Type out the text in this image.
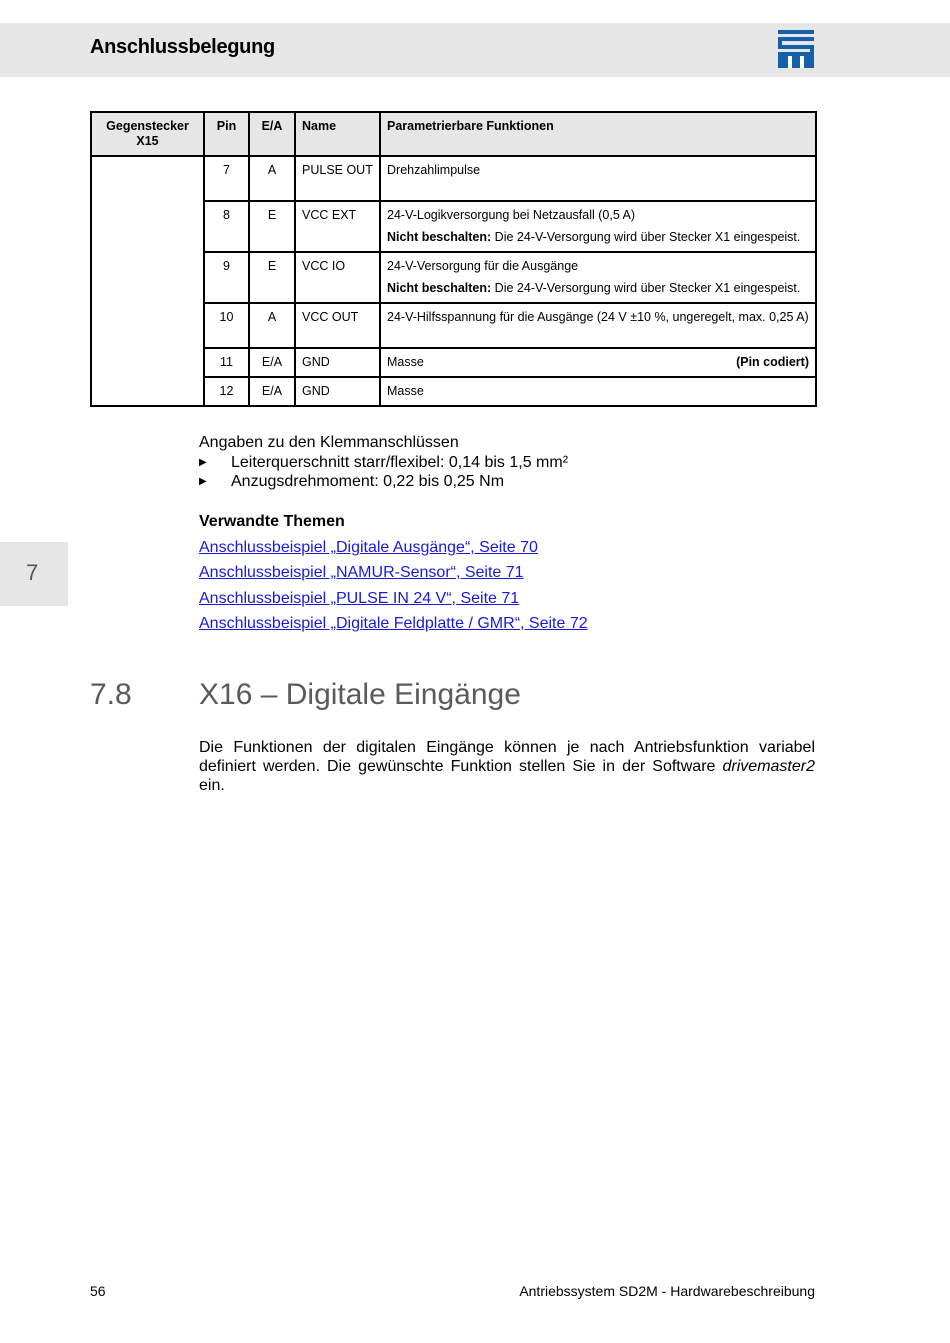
Anschlussbelegung
Gegenstecker X15	Pin	E/A	Name	Parametrierbare Funktionen
	7	A	PULSE OUT	Drehzahlimpulse
	8	E	VCC EXT	24-V-Logikversorgung bei Netzausfall (0,5 A)
Nicht beschalten: Die 24-V-Versorgung wird über Stecker X1 eingespeist.

	9	E	VCC IO	24-V-Versorgung für die Ausgänge
Nicht beschalten: Die 24-V-Versorgung wird über Stecker X1 eingespeist.

	10	A	VCC OUT	24-V-Hilfsspannung für die Ausgänge (24 V ±10 %, ungeregelt, max. 0,25 A)
	11	E/A	GND	Masse (Pin codiert)

	12	E/A	GND	Masse
Angaben zu den Klemmanschlüssen
▶ Leiterquerschnitt starr/flexibel: 0,14 bis 1,5 mm²
▶ Anzugsdrehmoment: 0,22 bis 0,25 Nm
Verwandte Themen
Anschlussbeispiel „Digitale Ausgänge“, Seite 70
Anschlussbeispiel „NAMUR-Sensor“, Seite 71
Anschlussbeispiel „PULSE IN 24 V“, Seite 71
Anschlussbeispiel „Digitale Feldplatte / GMR“, Seite 72
7
7.8 X16 – Digitale Eingänge
Die Funktionen der digitalen Eingänge können je nach Antriebsfunktion variabel definiert werden. Die gewünschte Funktion stellen Sie in der Software drivemaster2 ein.
56	Antriebssystem SD2M - Hardwarebeschreibung
